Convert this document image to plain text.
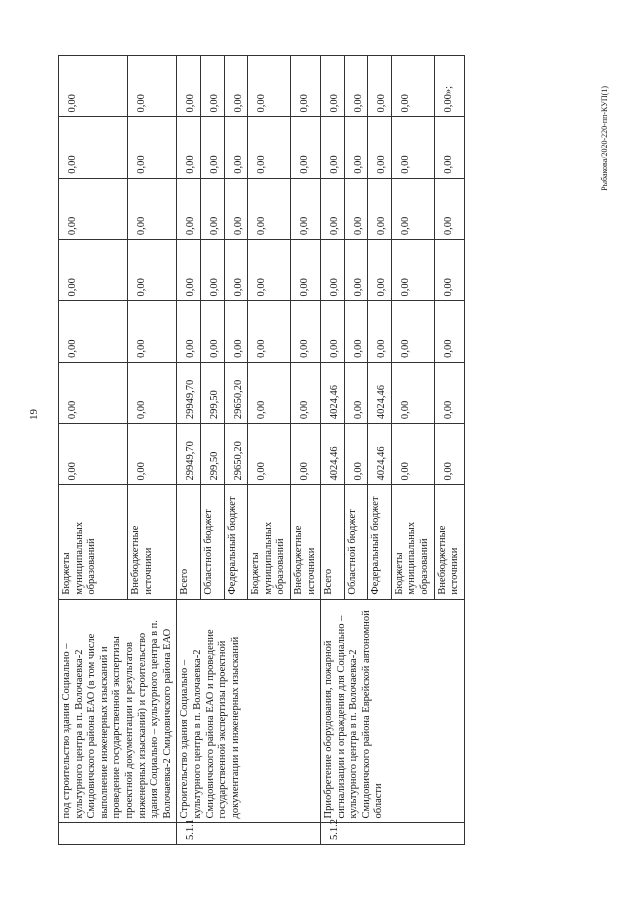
19
Рыбакова/2020-220-пп-КУП(1)
	под строительство здания Социально – культурного центра в п. Волочаевка-2 Смидовичского района ЕАО (в том числе выполнение инженерных изысканий и проведение государственной экспертизы проектной документации и результатов инженерных изысканий) и строительство здания Социально – культурного центра в п. Волочаевка-2 Смидовичского района ЕАО	Бюджеты муниципальных образований	0,00	0,00	0,00	0,00	0,00	0,00	0,00
		Внебюджетные источники	0,00	0,00	0,00	0,00	0,00	0,00	0,00
5.1.1	Строительство здания Социально – культурного центра в п. Волочаевка-2 Смидовичского района ЕАО и проведение государственной экспертизы проектной документации и инженерных изысканий	Всего	29949,70	29949,70	0,00	0,00	0,00	0,00	0,00
		Областной бюджет	299,50	299,50	0,00	0,00	0,00	0,00	0,00
		Федеральный бюджет	29650,20	29650,20	0,00	0,00	0,00	0,00	0,00
		Бюджеты муниципальных образований	0,00	0,00	0,00	0,00	0,00	0,00	0,00
		Внебюджетные источники	0,00	0,00	0,00	0,00	0,00	0,00	0,00
5.1.2	Приобретение оборудования, пожарной сигнализации и ограждения для Социально – культурного центра в п. Волочаевка-2 Смидовичского района Еврейской автономной области	Всего	4024,46	4024,46	0,00	0,00	0,00	0,00	0,00
		Областной бюджет	0,00	0,00	0,00	0,00	0,00	0,00	0,00
		Федеральный бюджет	4024,46	4024,46	0,00	0,00	0,00	0,00	0,00
		Бюджеты муниципальных образований	0,00	0,00	0,00	0,00	0,00	0,00	0,00
		Внебюджетные источники	0,00	0,00	0,00	0,00	0,00	0,00	0,00»;
